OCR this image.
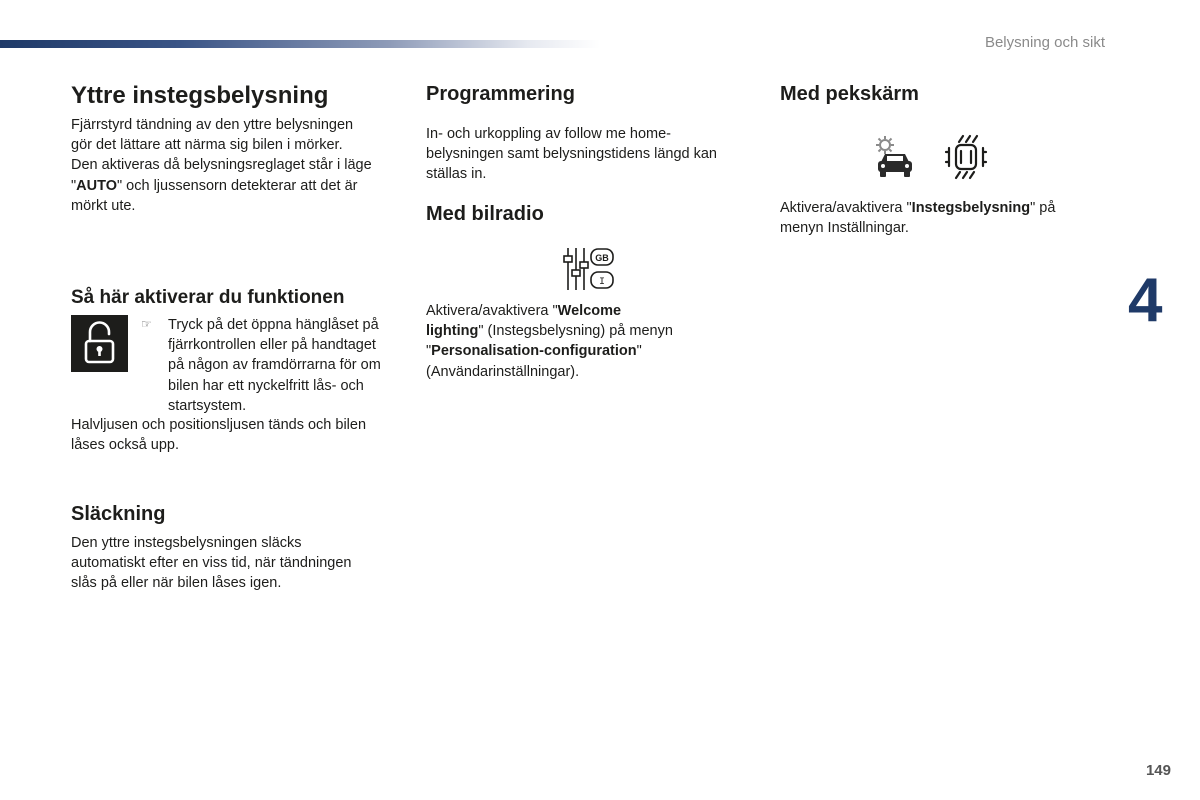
Belysning och sikt
Yttre instegsbelysning

Fjärrstyrd tändning av den yttre belysningen
gör det lättare att närma sig bilen i mörker.
Den aktiveras då belysningsreglaget står i läge
"AUTO" och ljussensorn detekterar att det är
mörkt ute.

Så här aktiverar du funktionen
☞ Tryck på det öppna hänglåset på
fjärrkontrollen eller på handtaget
på någon av framdörrarna för om
bilen har ett nyckelfritt lås- och
startsystem.

Halvljusen och positionsljusen tänds och bilen
låses också upp.

Släckning

Den yttre instegsbelysningen släcks
automatiskt efter en viss tid, när tändningen
slås på eller när bilen låses igen.

Programmering

In- och urkoppling av follow me home-
belysningen samt belysningstidens längd kan
ställas in.

Med bilradio
GB
I

Aktivera/avaktivera "Welcome
lighting" (Instegsbelysning) på menyn
"Personalisation-configuration"
(Användarinställningar).

Med pekskärm

Aktivera/avaktivera "Instegsbelysning" på
menyn Inställningar.

4
149
